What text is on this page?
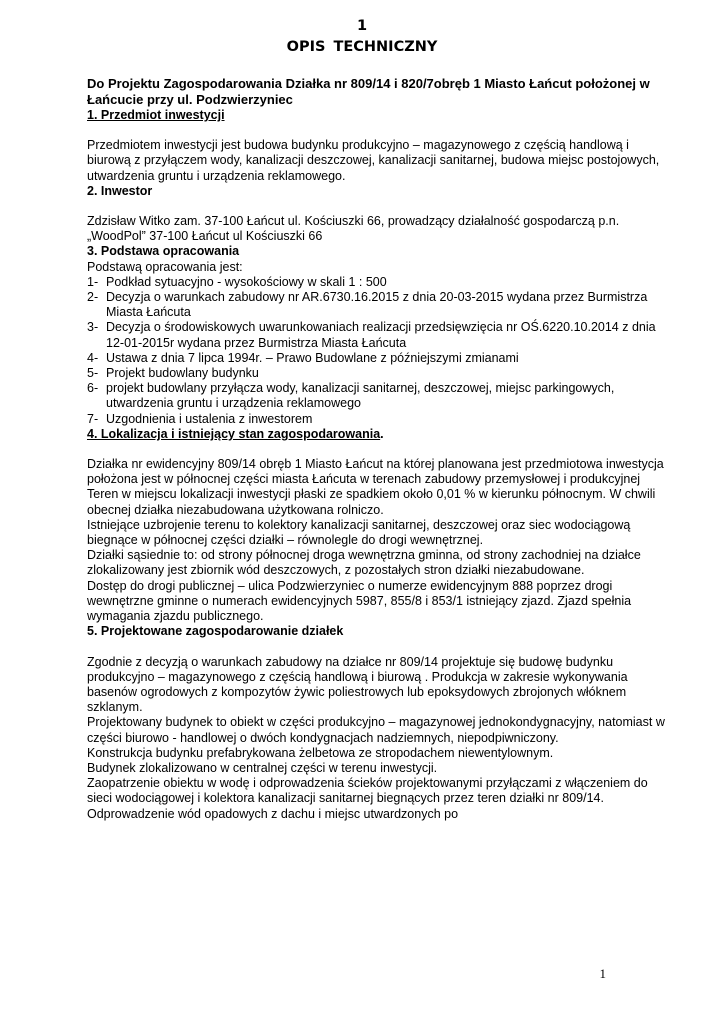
1
OPIS TECHNICZNY

Do Projektu Zagospodarowania Działka nr 809/14 i 820/7obręb 1 Miasto Łańcut położonej w Łańcucie przy ul. Podzwierzyniec

1. Przedmiot inwestycji

Przedmiotem inwestycji jest budowa budynku produkcyjno – magazynowego z częścią handlową i biurową z przyłączem wody, kanalizacji deszczowej, kanalizacji sanitarnej, budowa miejsc postojowych, utwardzenia gruntu i urządzenia reklamowego.

2. Inwestor

Zdzisław Witko zam. 37-100 Łańcut ul. Kościuszki 66, prowadzący działalność gospodarczą p.n. „WoodPol” 37-100 Łańcut ul Kościuszki 66

3. Podstawa opracowania

Podstawą opracowania jest:

1- Podkład sytuacyjno - wysokościowy w skali 1 : 500
2- Decyzja o warunkach zabudowy nr AR.6730.16.2015 z dnia 20-03-2015 wydana przez Burmistrza Miasta Łańcuta
3- Decyzja o środowiskowych uwarunkowaniach realizacji przedsięwzięcia nr OŚ.6220.10.2014 z dnia 12-01-2015r wydana przez Burmistrza Miasta Łańcuta
4- Ustawa z dnia 7 lipca 1994r. – Prawo Budowlane z późniejszymi zmianami
5- Projekt budowlany budynku
6- projekt budowlany przyłącza wody, kanalizacji sanitarnej, deszczowej, miejsc parkingowych, utwardzenia gruntu i urządzenia reklamowego
7- Uzgodnienia i ustalenia z inwestorem
4. Lokalizacja i istniejący stan zagospodarowania.

Działka nr ewidencyjny 809/14 obręb 1 Miasto Łańcut na której planowana jest przedmiotowa inwestycja położona jest w północnej części miasta Łańcuta w terenach zabudowy przemysłowej i produkcyjnej

Teren w miejscu lokalizacji inwestycji płaski ze spadkiem około 0,01 % w kierunku północnym. W chwili obecnej działka niezabudowana użytkowana rolniczo.

Istniejące uzbrojenie terenu to kolektory kanalizacji sanitarnej, deszczowej oraz siec wodociągową biegnące w północnej części działki – równolegle do drogi wewnętrznej.

Działki sąsiednie to: od strony północnej droga wewnętrzna gminna, od strony zachodniej na działce zlokalizowany jest zbiornik wód deszczowych, z pozostałych stron działki niezabudowane.

Dostęp do drogi publicznej – ulica Podzwierzyniec o numerze ewidencyjnym 888 poprzez drogi wewnętrzne gminne o numerach ewidencyjnych 5987, 855/8 i 853/1 istniejący zjazd. Zjazd spełnia wymagania zjazdu publicznego.

5. Projektowane zagospodarowanie działek

Zgodnie z decyzją o warunkach zabudowy na działce nr 809/14 projektuje się budowę budynku produkcyjno – magazynowego z częścią handlową i biurową . Produkcja w zakresie wykonywania basenów ogrodowych z kompozytów żywic poliestrowych lub epoksydowych zbrojonych włóknem szklanym.

Projektowany budynek to obiekt w części produkcyjno – magazynowej jednokondygnacyjny, natomiast w części biurowo - handlowej o dwóch kondygnacjach nadziemnych, niepodpiwniczony.

Konstrukcja budynku prefabrykowana żelbetowa ze stropodachem niewentylownym.

Budynek zlokalizowano w centralnej części w terenu inwestycji.

Zaopatrzenie obiektu w wodę i odprowadzenia ścieków projektowanymi przyłączami z włączeniem do sieci wodociągowej i kolektora kanalizacji sanitarnej biegnących przez teren działki nr 809/14. Odprowadzenie wód opadowych z dachu i miejsc utwardzonych po

1
